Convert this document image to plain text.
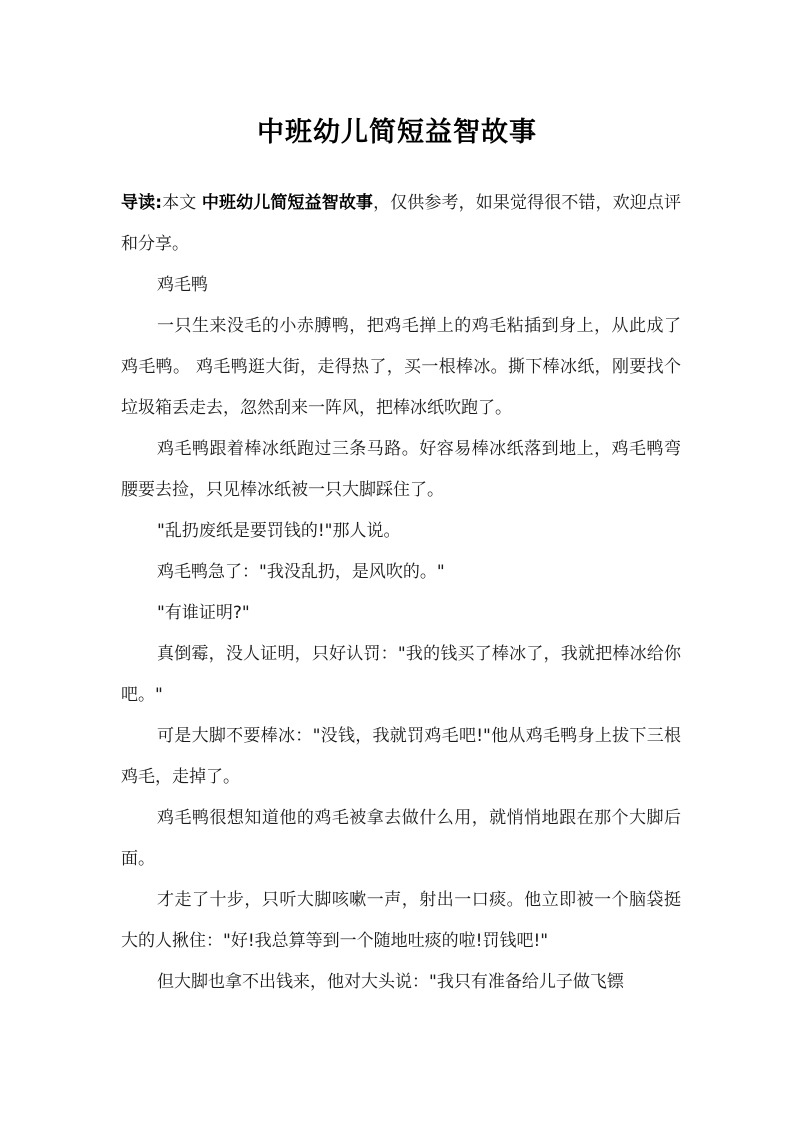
中班幼儿简短益智故事

导读:本文 中班幼儿简短益智故事，仅供参考，如果觉得很不错，欢迎点评和分享。

鸡毛鸭

一只生来没毛的小赤膊鸭，把鸡毛掸上的鸡毛粘插到身上，从此成了鸡毛鸭。 鸡毛鸭逛大街，走得热了，买一根棒冰。撕下棒冰纸，刚要找个垃圾箱丢走去，忽然刮来一阵风，把棒冰纸吹跑了。

鸡毛鸭跟着棒冰纸跑过三条马路。好容易棒冰纸落到地上，鸡毛鸭弯腰要去捡，只见棒冰纸被一只大脚踩住了。

"乱扔废纸是要罚钱的!"那人说。

鸡毛鸭急了："我没乱扔，是风吹的。"

"有谁证明?"

真倒霉，没人证明，只好认罚："我的钱买了棒冰了，我就把棒冰给你吧。"

可是大脚不要棒冰："没钱，我就罚鸡毛吧!"他从鸡毛鸭身上拔下三根鸡毛，走掉了。

鸡毛鸭很想知道他的鸡毛被拿去做什么用，就悄悄地跟在那个大脚后面。

才走了十步，只听大脚咳嗽一声，射出一口痰。他立即被一个脑袋挺大的人揪住："好!我总算等到一个随地吐痰的啦!罚钱吧!"

但大脚也拿不出钱来，他对大头说："我只有准备给儿子做飞镖
